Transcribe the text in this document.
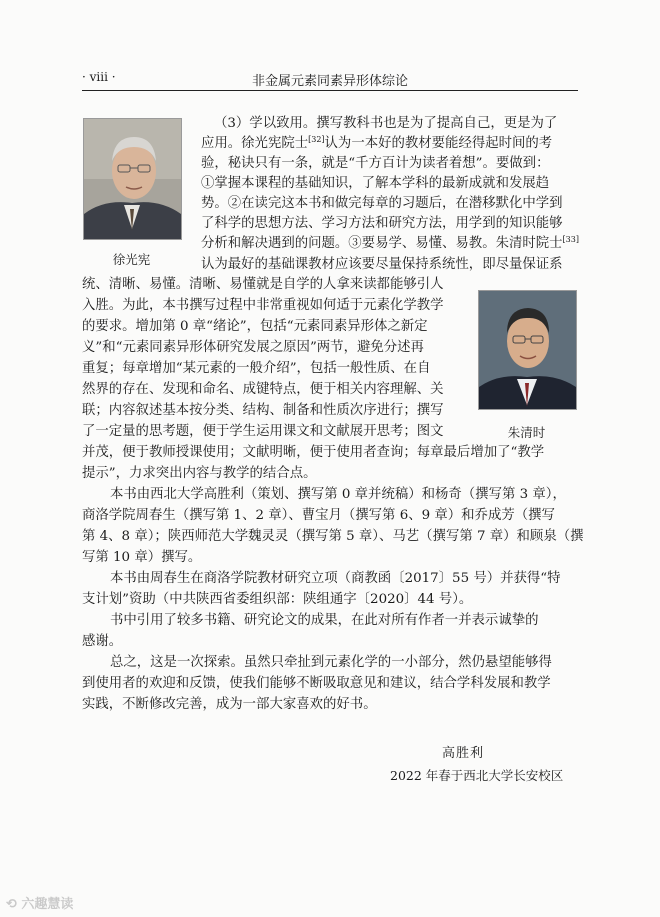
· viii ·	非金属元素同素异形体综论
徐光宪
朱清时
（3）学以致用。撰写教科书也是为了提高自己，更是为了
应用。徐光宪院士[32]认为一本好的教材要能经得起时间的考
验，秘诀只有一条，就是“千方百计为读者着想”。要做到：
①掌握本课程的基础知识，了解本学科的最新成就和发展趋
势。②在读完这本书和做完每章的习题后，在潜移默化中学到
了科学的思想方法、学习方法和研究方法，用学到的知识能够
分析和解决遇到的问题。③要易学、易懂、易教。朱清时院士[33]
认为最好的基础课教材应该要尽量保持系统性，即尽量保证系
统、清晰、易懂。清晰、易懂就是自学的人拿来读都能够引人
入胜。为此，本书撰写过程中非常重视如何适于元素化学教学
的要求。增加第 0 章“绪论”，包括“元素同素异形体之新定
义”和“元素同素异形体研究发展之原因”两节，避免分述再
重复；每章增加“某元素的一般介绍”，包括一般性质、在自
然界的存在、发现和命名、成键特点，便于相关内容理解、关
联；内容叙述基本按分类、结构、制备和性质次序进行；撰写
了一定量的思考题，便于学生运用课文和文献展开思考；图文
并茂，便于教师授课使用；文献明晰，便于使用者查询；每章最后增加了“教学
提示”，力求突出内容与教学的结合点。
本书由西北大学高胜利（策划、撰写第 0 章并统稿）和杨奇（撰写第 3 章），
商洛学院周春生（撰写第 1、2 章）、曹宝月（撰写第 6、9 章）和乔成芳（撰写
第 4、8 章）；陕西师范大学魏灵灵（撰写第 5 章）、马艺（撰写第 7 章）和顾泉（撰
写第 10 章）撰写。
本书由周春生在商洛学院教材研究立项（商教函〔2017〕55 号）并获得“特
支计划”资助（中共陕西省委组织部：陕组通字〔2020〕44 号）。
书中引用了较多书籍、研究论文的成果，在此对所有作者一并表示诚挚的
感谢。
总之，这是一次探索。虽然只牵扯到元素化学的一小部分，然仍悬望能够得
到使用者的欢迎和反馈，使我们能够不断吸取意见和建议，结合学科发展和教学
实践，不断修改完善，成为一部大家喜欢的好书。
高胜利
2022 年春于西北大学长安校区
⟲ 六趣慧读
